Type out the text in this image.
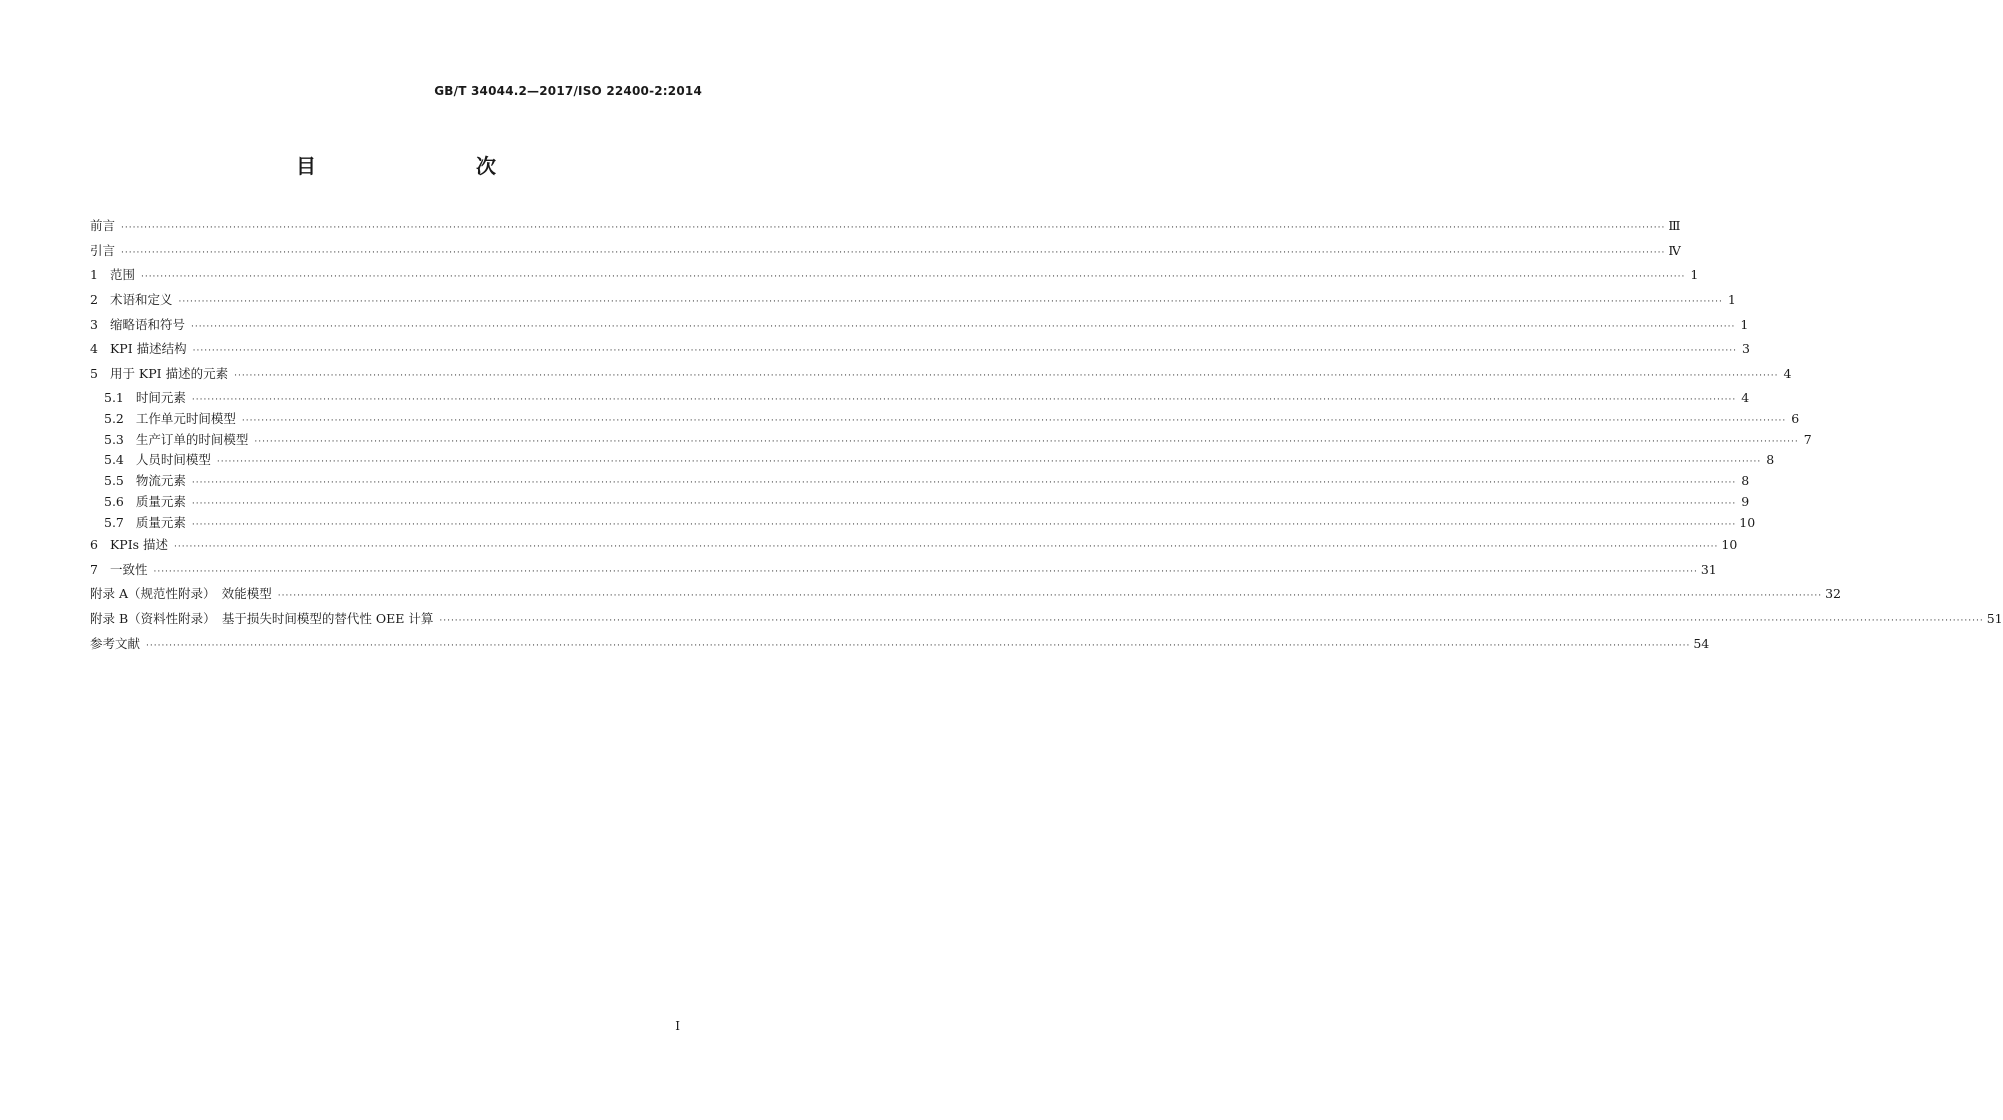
GB/T 34044.2—2017/ISO 22400-2:2014
目　　次
前言 ················································································································································································································································································································································································································ Ⅲ
引言 ················································································································································································································································································································································································································ Ⅳ
1 范围 ················································································································································································································································································································································································································ 1
2 术语和定义 ················································································································································································································································································································································································································ 1
3 缩略语和符号 ················································································································································································································································································································································································································ 1
4 KPI 描述结构 ················································································································································································································································································································································································································ 3
5 用于 KPI 描述的元素 ················································································································································································································································································································································································································ 4
5.1 时间元素 ················································································································································································································································································································································································································ 4
5.2 工作单元时间模型 ················································································································································································································································································································································································································ 6
5.3 生产订单的时间模型 ················································································································································································································································································································································································································ 7
5.4 人员时间模型 ················································································································································································································································································································································································································ 8
5.5 物流元素 ················································································································································································································································································································································································································ 8
5.6 质量元素 ················································································································································································································································································································································································································ 9
5.7 质量元素 ················································································································································································································································································································································································································ 10
6 KPIs 描述 ················································································································································································································································································································································································································ 10
7 一致性 ················································································································································································································································································································································································································ 31
附录 A（规范性附录）　效能模型 ················································································································································································································································································································································································································ 32
附录 B（资料性附录）　基于损失时间模型的替代性 OEE 计算 ················································································································································································································································································································································································································ 51
参考文献 ················································································································································································································································································································································································································ 54
Ⅰ
